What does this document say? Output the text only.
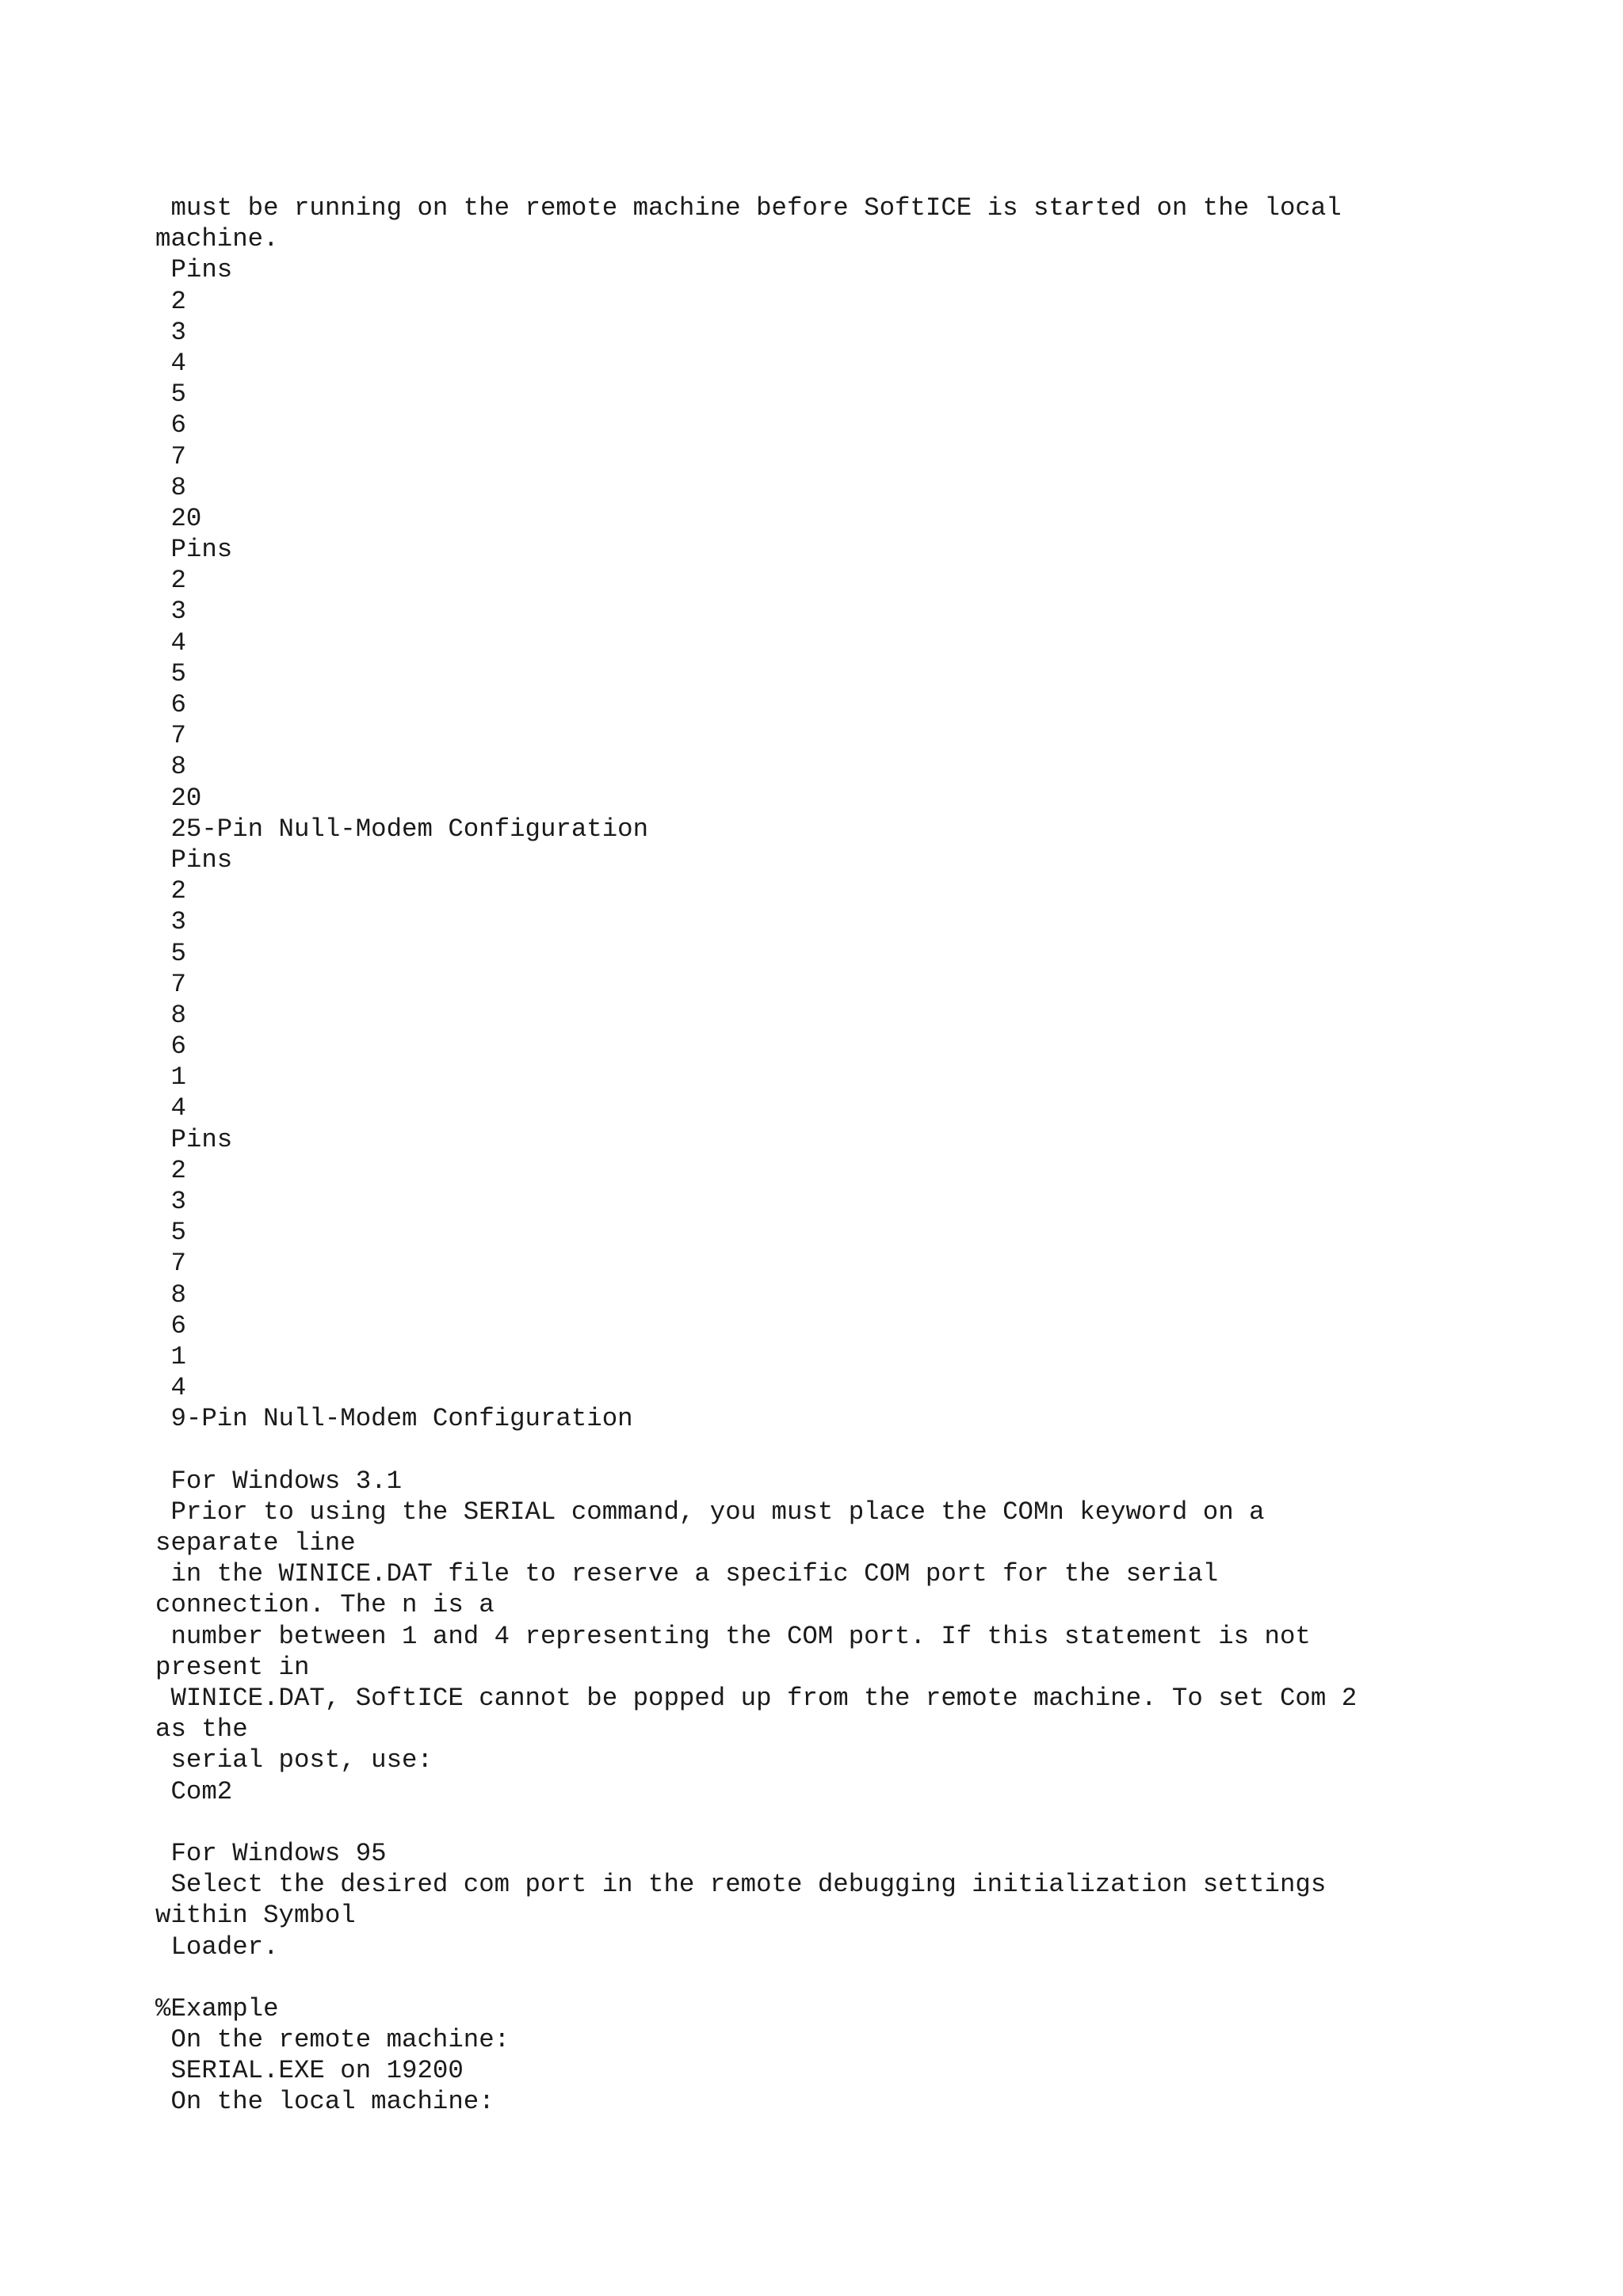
must be running on the remote machine before SoftICE is started on the local
machine.
Pins
2
3
4
5
6
7
8
20
Pins
2
3
4
5
6
7
8
20
25-Pin Null-Modem Configuration
Pins
2
3
5
7
8
6
1
4
Pins
2
3
5
7
8
6
1
4
9-Pin Null-Modem Configuration
For Windows 3.1
Prior to using the SERIAL command, you must place the COMn keyword on a
separate line
in the WINICE.DAT file to reserve a specific COM port for the serial
connection. The n is a
number between 1 and 4 representing the COM port. If this statement is not
present in
WINICE.DAT, SoftICE cannot be popped up from the remote machine. To set Com 2
as the
serial post, use:
Com2
For Windows 95
Select the desired com port in the remote debugging initialization settings
within Symbol
Loader.
%Example
On the remote machine:
SERIAL.EXE on 19200
On the local machine:
